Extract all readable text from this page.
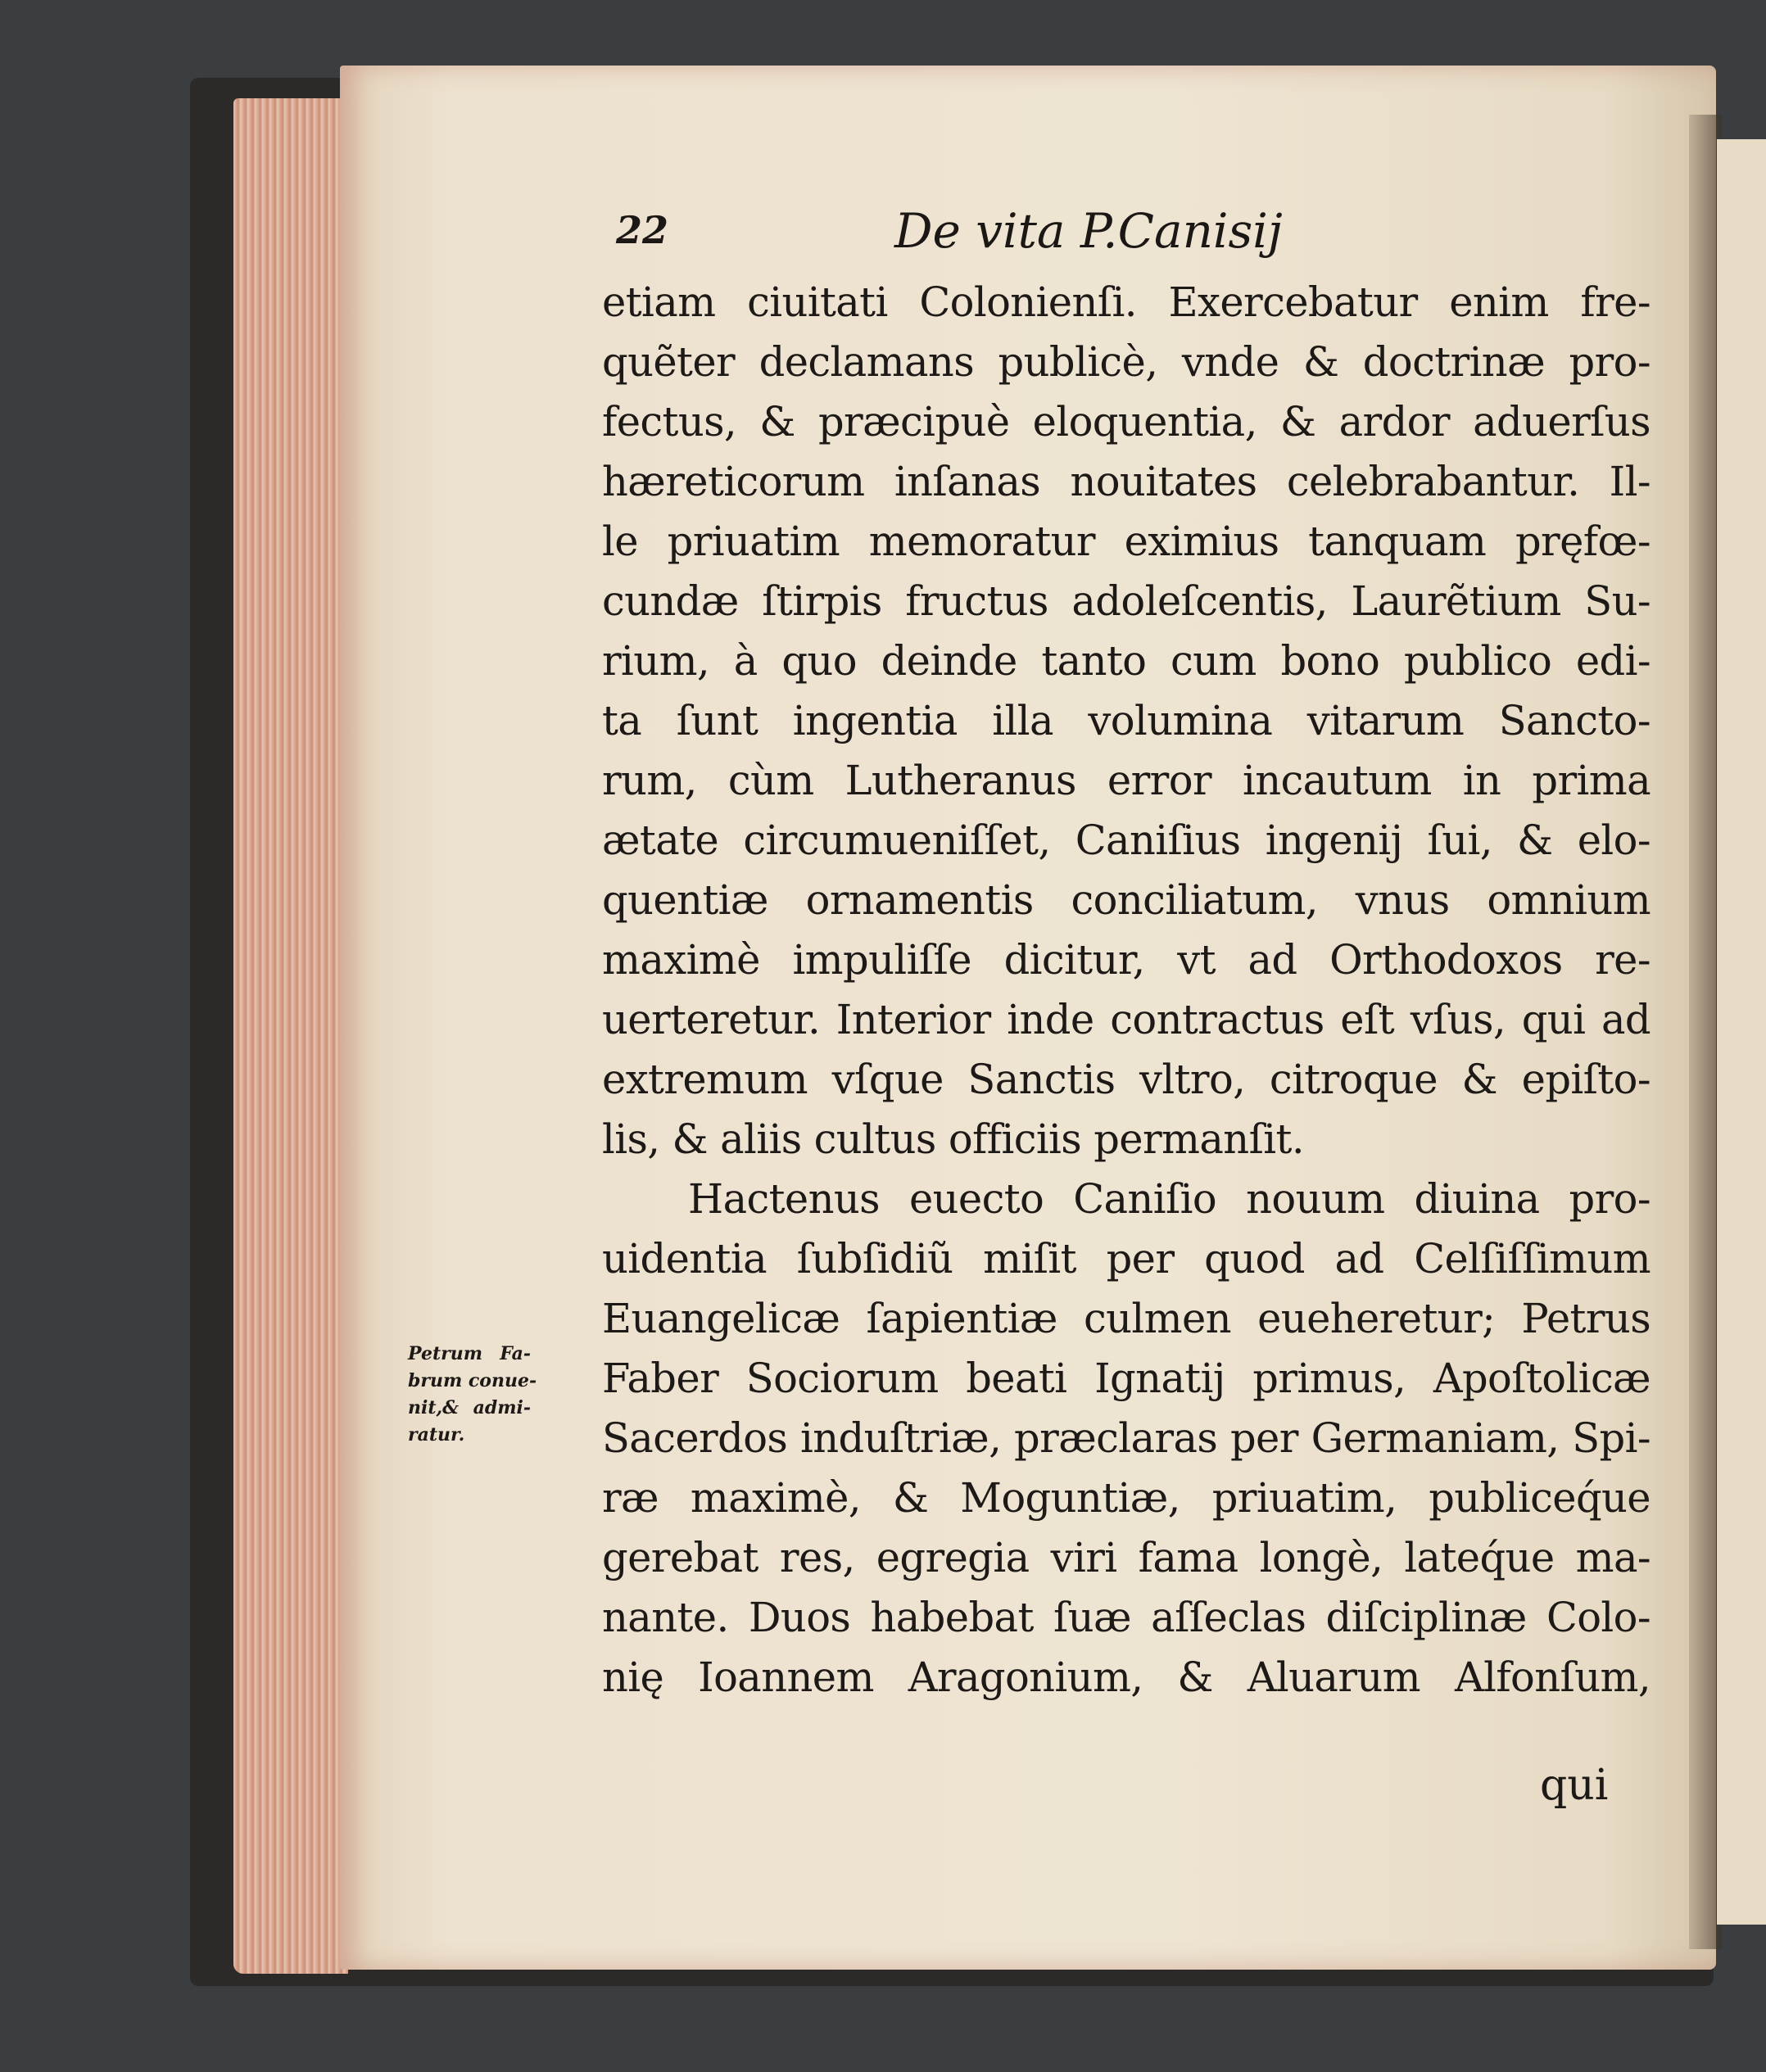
22	De vita P.Canisij
Petrum Fa-
brum conue-
nit,& admi-
ratur.
etiam ciuitati Colonienſi. Exercebatur enim fre-
quẽter declamans publicè, vnde & doctrinæ pro-
fectus, & præcipuè eloquentia, & ardor aduerſus
hæreticorum inſanas nouitates celebrabantur. Il-
le priuatim memoratur eximius tanquam pręfœ-
cundæ ſtirpis fructus adoleſcentis, Laurẽtium Su-
rium, à quo deinde tanto cum bono publico edi-
ta ſunt ingentia illa volumina vitarum Sancto-
rum, cùm Lutheranus error incautum in prima
ætate circumueniſſet, Caniſius ingenij ſui, & elo-
quentiæ ornamentis conciliatum, vnus omnium
maximè impuliſſe dicitur, vt ad Orthodoxos re-
uerteretur. Interior inde contractus eſt vſus, qui ad
extremum vſque Sanctis vltro, citroque & epiſto-
lis, & aliis cultus officiis permanſit.
Hactenus euecto Caniſio nouum diuina pro-
uidentia ſubſidiũ miſit per quod ad Celſiſſimum
Euangelicæ ſapientiæ culmen eueheretur; Petrus
Faber Sociorum beati Ignatij primus, Apoſtolicæ
Sacerdos induſtriæ, præclaras per Germaniam, Spi-
ræ maximè, & Moguntiæ, priuatim, publiceq́ue
gerebat res, egregia viri fama longè, lateq́ue ma-
nante. Duos habebat ſuæ aſſeclas diſciplinæ Colo-
nię Ioannem Aragonium, & Aluarum Alfonſum,
qui
